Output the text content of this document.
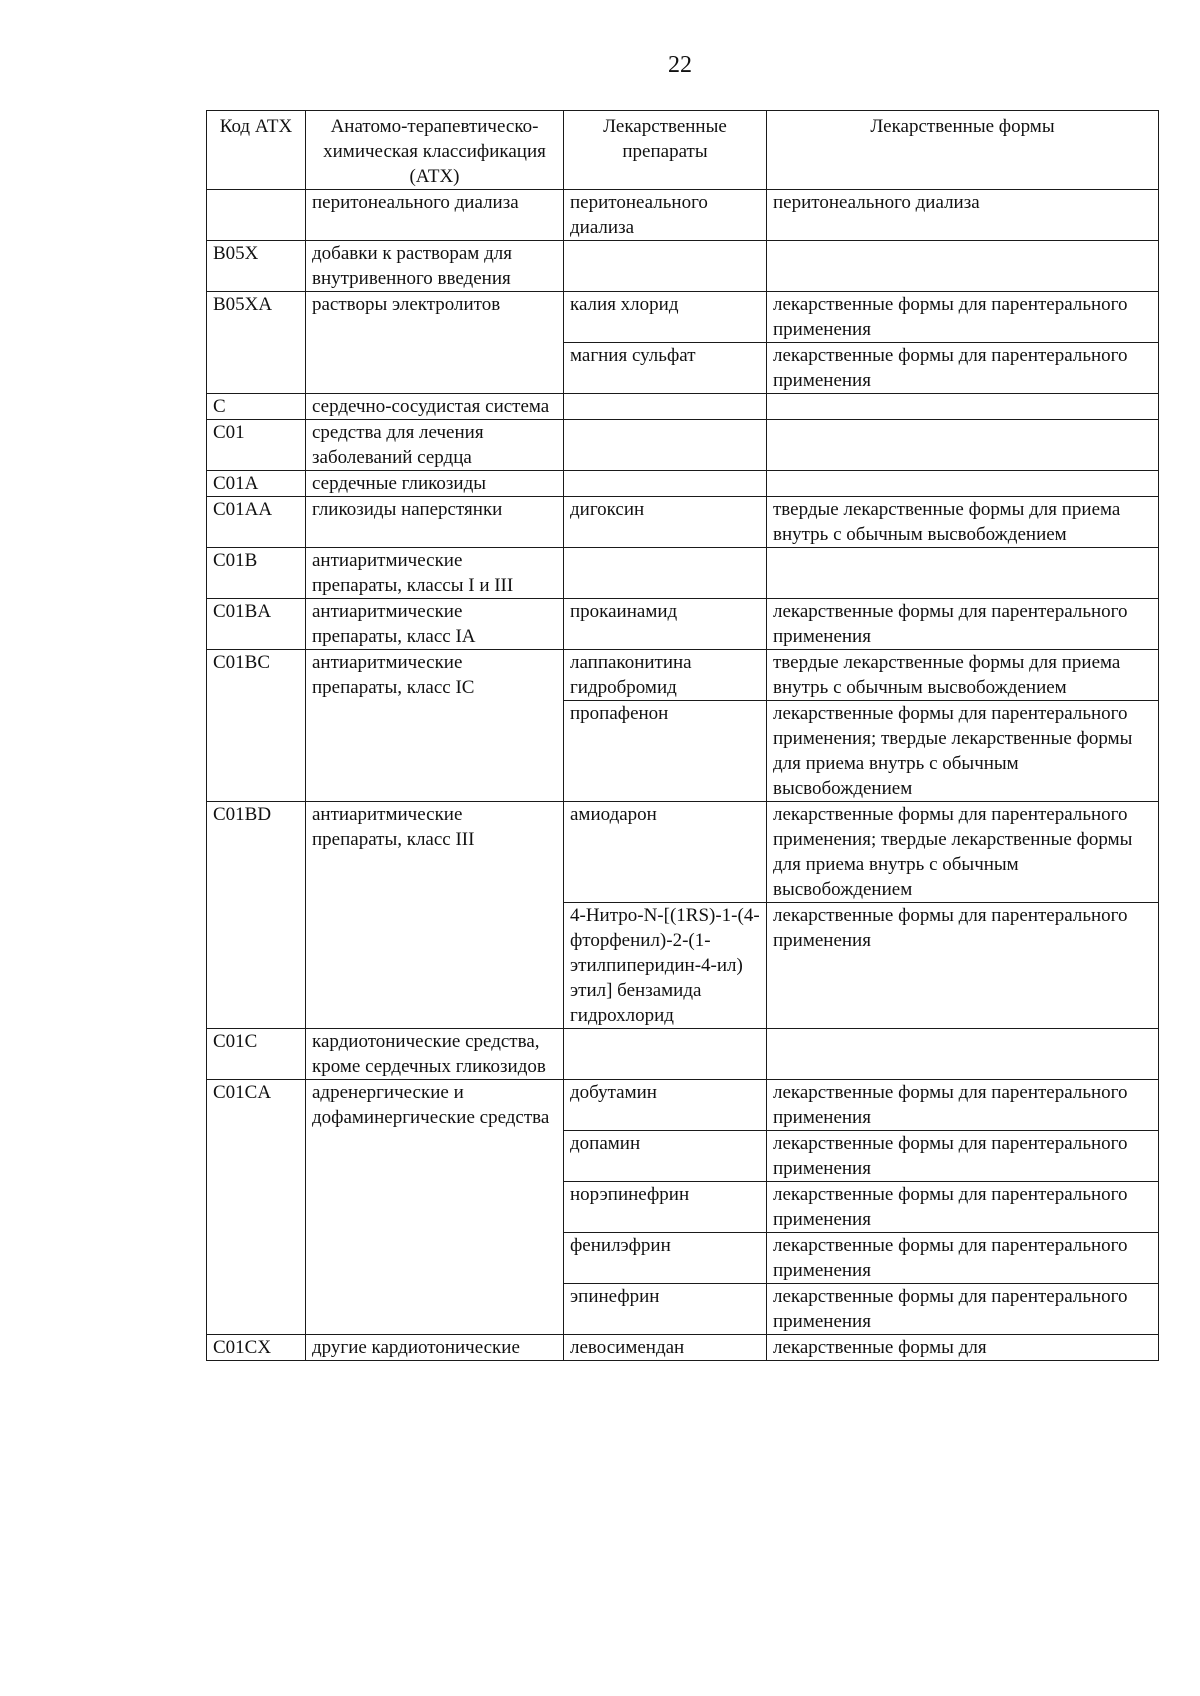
22
Код АТХ	Анатомо-терапевтическо-химическая классификация (АТХ)	Лекарственные препараты	Лекарственные формы
	перитонеального диализа	перитонеального диализа	перитонеального диализа
B05X	добавки к растворам для внутривенного введения		
B05XA	растворы электролитов	калия хлорид	лекарственные формы для парентерального применения
		магния сульфат	лекарственные формы для парентерального применения
C	сердечно-сосудистая система		
C01	средства для лечения заболеваний сердца		
C01A	сердечные гликозиды		
C01AA	гликозиды наперстянки	дигоксин	твердые лекарственные формы для приема внутрь с обычным высвобождением
C01B	антиаритмические препараты, классы I и III		
C01BA	антиаритмические препараты, класс IA	прокаинамид	лекарственные формы для парентерального применения
C01BC	антиаритмические препараты, класс IC	лаппаконитина гидробромид	твердые лекарственные формы для приема внутрь с обычным высвобождением
		пропафенон	лекарственные формы для парентерального применения; твердые лекарственные формы для приема внутрь с обычным высвобождением
C01BD	антиаритмические препараты, класс III	амиодарон	лекарственные формы для парентерального применения; твердые лекарственные формы для приема внутрь с обычным высвобождением
		4-Нитро-N-[(1RS)-1-(4-фторфенил)-2-(1-этилпиперидин-4-ил) этил] бензамида гидрохлорид	лекарственные формы для парентерального применения
C01C	кардиотонические средства, кроме сердечных гликозидов		
C01CA	адренергические и дофаминергические средства	добутамин	лекарственные формы для парентерального применения
		допамин	лекарственные формы для парентерального применения
		норэпинефрин	лекарственные формы для парентерального применения
		фенилэфрин	лекарственные формы для парентерального применения
		эпинефрин	лекарственные формы для парентерального применения
C01CX	другие кардиотонические	левосимендан	лекарственные формы для
